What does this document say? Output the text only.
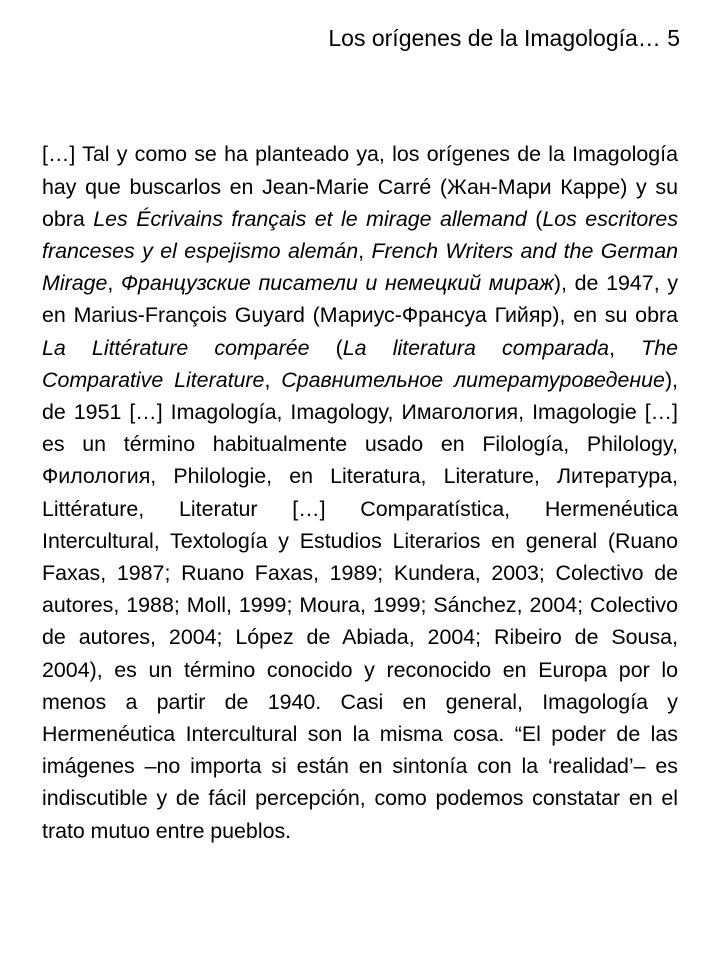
Los orígenes de la Imagología… 5

[…] Tal y como se ha planteado ya, los orígenes de la Imagología hay que buscarlos en Jean-Marie Carré (Жан-Мари Карре) y su obra Les Écrivains français et le mirage allemand (Los escritores franceses y el espejismo alemán, French Writers and the German Mirage, Французские писатели и немецкий мираж), de 1947, y en Marius-François Guyard (Мариус-Франсуа Гийяр), en su obra La Littérature comparée (La literatura comparada, The Comparative Literature, Сравнительное литературоведение), de 1951 […] Imagología, Imagology, Имагология, Imagologie […] es un término habitualmente usado en Filología, Philology, Филология, Philologie, en Literatura, Literature, Литература, Littérature, Literatur […] Comparatística, Hermenéutica Intercultural, Textología y Estudios Literarios en general (Ruano Faxas, 1987; Ruano Faxas, 1989; Kundera, 2003; Colectivo de autores, 1988; Moll, 1999; Moura, 1999; Sánchez, 2004; Colectivo de autores, 2004; López de Abiada, 2004; Ribeiro de Sousa, 2004), es un término conocido y reconocido en Europa por lo menos a partir de 1940. Casi en general, Imagología y Hermenéutica Intercultural son la misma cosa. “El poder de las imágenes –no importa si están en sintonía con la ‘realidad’– es indiscutible y de fácil percepción, como podemos constatar en el trato mutuo entre pueblos.
